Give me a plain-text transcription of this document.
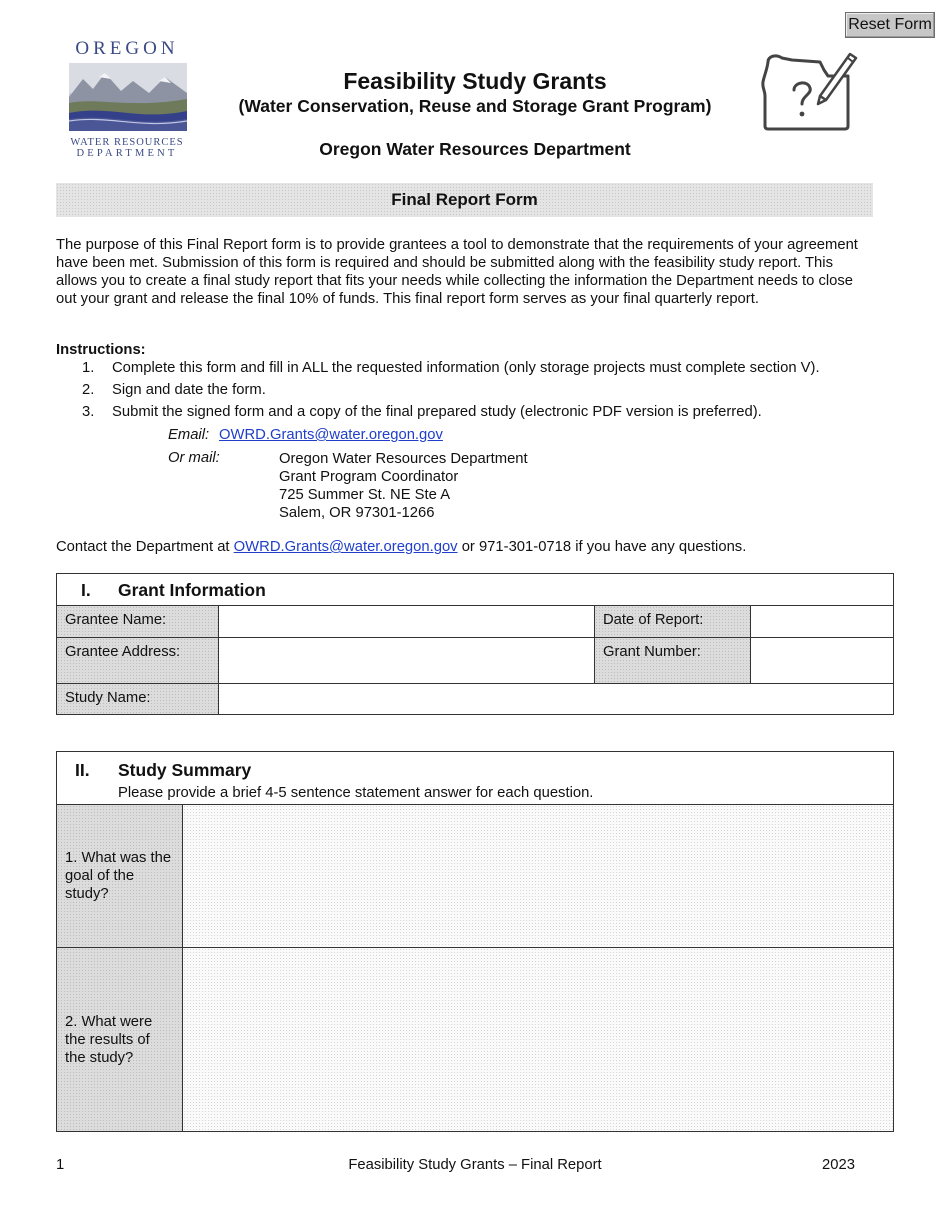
Reset Form
OREGON
WATER RESOURCES
DEPARTMENT
Feasibility Study Grants
(Water Conservation, Reuse and Storage Grant Program)
Oregon Water Resources Department
Final Report Form

The purpose of this Final Report form is to provide grantees a tool to demonstrate that the requirements of your agreement have been met. Submission of this form is required and should be submitted along with the feasibility study report. This allows you to create a final study report that fits your needs while collecting the information the Department needs to close out your grant and release the final 10% of funds. This final report form serves as your final quarterly report.

Instructions:
1. Complete this form and fill in ALL the requested information (only storage projects must complete section V).
2. Sign and date the form.
3. Submit the signed form and a copy of the final prepared study (electronic PDF version is preferred).
Email: OWRD.Grants@water.oregon.gov
Or mail:	Oregon Water Resources Department
Grant Program Coordinator
725 Summer St. NE Ste A
Salem, OR 97301-1266
Contact the Department at OWRD.Grants@water.oregon.gov or 971-301-0718 if you have any questions.
I. Grant Information
Grantee Name:	Date of Report:
Grantee Address:	Grant Number:
Study Name:
II. Study Summary
Please provide a brief 4-5 sentence statement answer for each question.
1. What was the goal of the study?
2. What were the results of the study?
1	Feasibility Study Grants – Final Report	2023
